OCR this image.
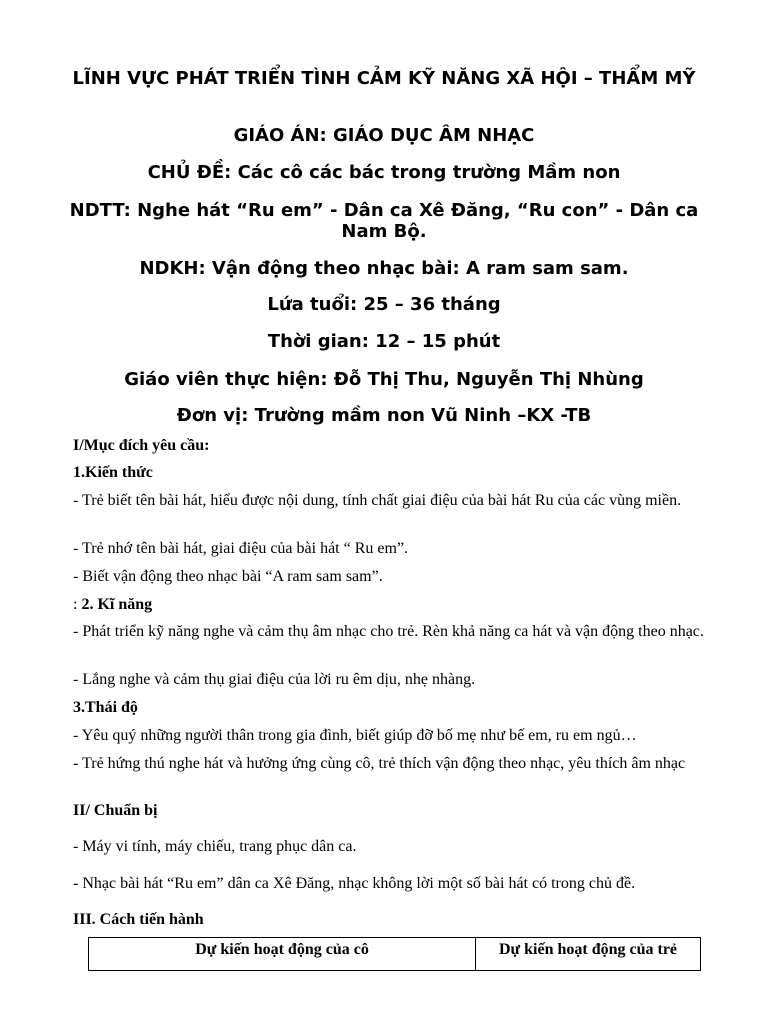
LĨNH VỰC PHÁT TRIỂN TÌNH CẢM KỸ NĂNG XÃ HỘI – THẨM MỸ
GIÁO ÁN: GIÁO DỤC ÂM NHẠC
CHỦ ĐỀ: Các cô các bác trong trường Mầm non
NDTT: Nghe hát “Ru em” - Dân ca Xê Đăng, “Ru con” - Dân ca Nam Bộ.
NDKH: Vận động theo nhạc bài: A ram sam sam.
Lứa tuổi: 25 – 36 tháng
Thời gian: 12 – 15 phút
Giáo viên thực hiện: Đỗ Thị Thu, Nguyễn Thị Nhùng
Đơn vị: Trường mầm non Vũ Ninh –KX -TB
I/Mục đích yêu cầu:
1.Kiến thức
- Trẻ biết tên bài hát, hiểu được nội dung, tính chất giai điệu của bài hát Ru của các vùng miền.
- Trẻ nhớ tên bài hát, giai điệu của bài hát “ Ru em”.
- Biết vận động theo nhạc bài “A ram sam sam”.
: 2. Kĩ năng
- Phát triển kỹ năng nghe và cảm thụ âm nhạc cho trẻ. Rèn khả năng ca hát và vận động theo nhạc.
- Lắng nghe và cảm thụ giai điệu của lời ru êm dịu, nhẹ nhàng.
3.Thái độ
- Yêu quý những người thân trong gia đình, biết giúp đỡ bố mẹ như bế em, ru em ngủ…
- Trẻ hứng thú nghe hát và hưởng ứng cùng cô, trẻ thích vận động theo nhạc, yêu thích âm nhạc
II/ Chuẩn bị
- Máy vi tính, máy chiếu, trang phục dân ca.
- Nhạc bài hát “Ru em” dân ca Xê Đăng, nhạc không lời một số bài hát có trong chủ đề.
III. Cách tiến hành
Dự kiến hoạt động của cô	Dự kiến hoạt động của trẻ
